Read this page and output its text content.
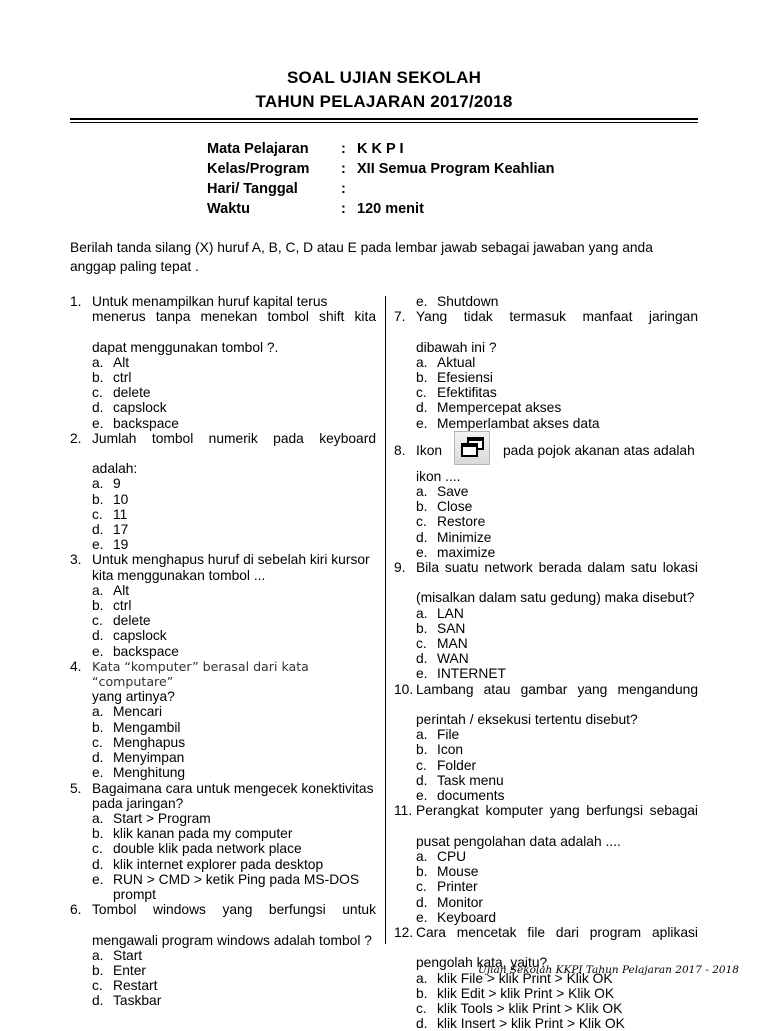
SOAL UJIAN SEKOLAH
TAHUN PELAJARAN 2017/2018
Mata Pelajaran : K K P I
Kelas/Program : XII Semua Program Keahlian
Hari/ Tanggal	:
Waktu	: 120 menit
Berilah tanda silang (X) huruf A, B, C, D atau E pada lembar jawab sebagai jawaban yang anda anggap paling tepat .
1. Untuk menampilkan huruf kapital terus
menerus tanpa menekan tombol shift kita
dapat menggunakan tombol ?.
a. Alt
b. ctrl
c. delete
d. capslock
e. backspace
2. Jumlah tombol numerik pada keyboard
adalah:
a. 9
b. 10
c. 11
d. 17
e. 19
3. Untuk menghapus huruf di sebelah kiri kursor
kita menggunakan tombol ...
a. Alt
b. ctrl
c. delete
d. capslock
e. backspace
4. Kata “komputer” berasal dari kata “computare”
yang artinya?
a. Mencari
b. Mengambil
c. Menghapus
d. Menyimpan
e. Menghitung
5. Bagaimana cara untuk mengecek konektivitas
pada jaringan?
a. Start > Program
b. klik kanan pada my computer
c. double klik pada network place
d. klik internet explorer pada desktop
e. RUN > CMD > ketik Ping pada MS-DOS prompt
6. Tombol windows yang berfungsi untuk
mengawali program windows adalah tombol ?
a. Start
b. Enter
c. Restart
d. Taskbar
e. Shutdown
7. Yang tidak termasuk manfaat jaringan
dibawah ini ?
a. Aktual
b. Efesiensi
c. Efektifitas
d. Mempercepat akses
e. Memperlambat akses data
8. Ikon	pada pojok akanan atas adalah
ikon ....
a. Save
b. Close
c. Restore
d. Minimize
e. maximize
9. Bila suatu network berada dalam satu lokasi
(misalkan dalam satu gedung) maka disebut?
a. LAN
b. SAN
c. MAN
d. WAN
e. INTERNET
10. Lambang atau gambar yang mengandung
perintah / eksekusi tertentu disebut?
a. File
b. Icon
c. Folder
d. Task menu
e. documents
11. Perangkat komputer yang berfungsi sebagai
pusat pengolahan data adalah ....
a. CPU
b. Mouse
c. Printer
d. Monitor
e. Keyboard
12. Cara mencetak file dari program aplikasi
pengolah kata, yaitu?
a. klik File > klik Print > Klik OK
b. klik Edit > klik Print > Klik OK
c. klik Tools > klik Print > Klik OK
d. klik Insert > klik Print > Klik OK
Ujian Sekolah KKPI Tahun Pelajaran 2017 - 2018
